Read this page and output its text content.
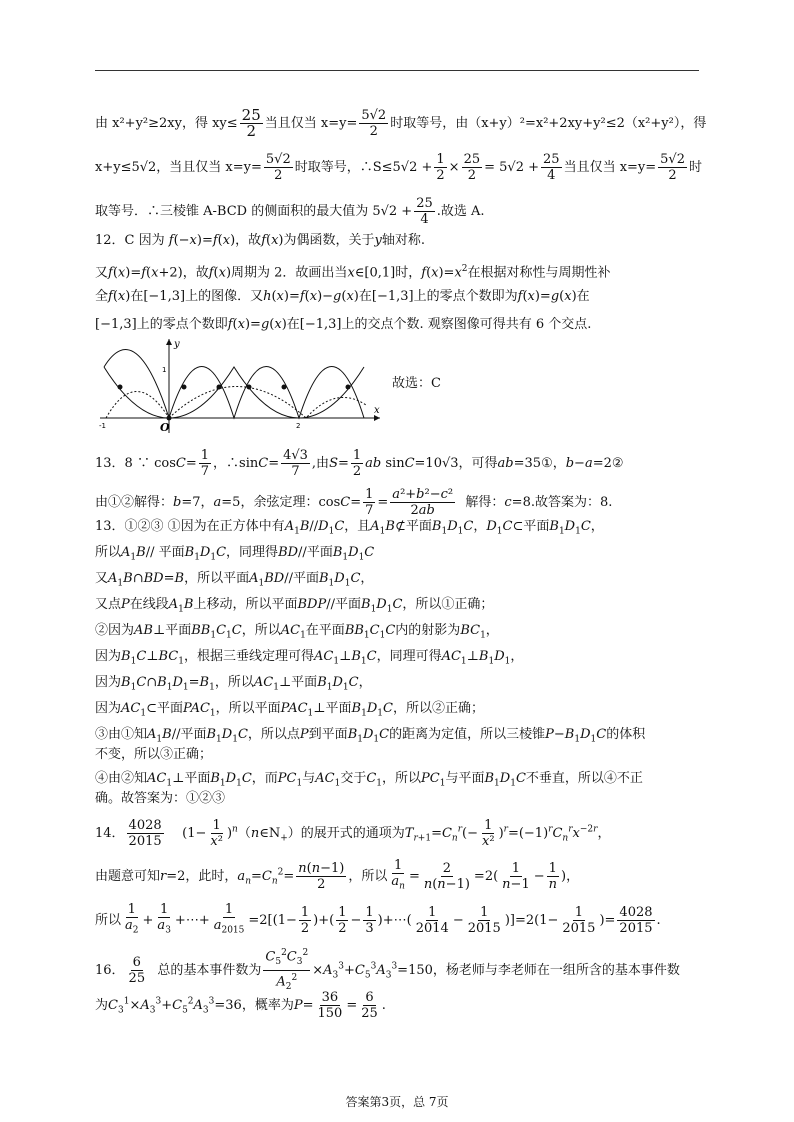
由 x²+y²≥2xy，得 $xy\le \frac{25}{2}$ 当且仅当 $x=y= \frac{5√2}{2}$ 时取等号，由（x+y）²=x²+2xy+y²≤2（x²+y²），得
x+y≤5√2，当且仅当 $x=y= \frac{5√2}{2}$ 时取等号，∴S≤5√2 + $\frac{1}{2} \times \frac{25}{2} = 5√2 + \frac{25}{4}$ 当且仅当 $x=y= \frac{5√2}{2}$ 时
取等号．∴三棱锥 A-BCD 的侧面积的最大值为 $5√2 + \frac{25}{4}$ .故选 A.
12．C 因为 f(−x)=f(x)，故f(x)为偶函数，关于y轴对称.
又f(x)=f(x+2)，故f(x)周期为 2．故画出当x∈[0,1]时，$f(x)=x^2$在根据对称性与周期性补
全f(x)在[−1,3]上的图像．又h(x)=f(x)−g(x)在[−1,3]上的零点个数即为f(x)=g(x)在
[−1,3]上的零点个数即f(x)=g(x)在[−1,3]上的交点个数. 观察图像可得共有 6 个交点.
y
x
O
1
-1	2
故选：C
13．8 ∵ $\cos C= \frac{1}{7}$ ，∴sinC= $\frac{4√3}{7}$ ,由$S= \frac{1}{2}$ ab sinC=10√3，可得ab=35①，b−a=2②
由①②解得：b=7，a=5，余弦定理：$\cos C= \frac{1}{7} = \frac{\text{a²+b²−c²}}{2ab}$ 解得：c=8.故答案为：8.
13．①②③ ①因为在正方体中有$A_1B//D_1C$，且$A_1B⊄$平面$B_1D_1C$，$D_1C\subset$平面$B_1D_1C$，
所以$A_1B//$ 平面$B_1D_1C$，同理得BD//平面$B_1D_1C$
又$A_1B\cap BD=B$，所以平面$A_1BD//$平面$B_1D_1C$，
又点P在线段$A_1B$上移动，所以平面BDP//平面$B_1D_1C$，所以①正确；
②因为AB⊥平面$BB_1C_1C$，所以$AC_1$在平面$BB_1C_1C$内的射影为$BC_1$，
因为$B_1C\perp BC_1$，根据三垂线定理可得$AC_1\perp B_1C$，同理可得$AC_1\perp B_1D_1$，
因为$B_1C\cap B_1D_1=B_1$，所以$AC_1\perp$平面$B_1D_1C$，
因为$AC_1\subset$平面$PAC_1$，所以平面$PAC_1\perp$平面$B_1D_1C$，所以②正确；
③由①知$A_1B//$平面$B_1D_1C$，所以点P到平面$B_1D_1C$的距离为定值，所以三棱锥$P-B_1D_1C$的体积
不变，所以③正确；
④由②知$AC_1\perp$平面$B_1D_1C$，而$PC_1$与$AC_1$交于$C_1$，所以$PC_1$与平面$B_1D_1C$不垂直，所以④不正
确。故答案为：①②③
14． $\frac{4028}{2015} (1- \frac{1}{\text{x²}}$ )$^n(n\in N_+)$的展开式的通项为$T_{r+1}=C_n^r(- \frac{1}{\text{x²}} )^r=(-1)^rC_n^rx^{-2r}$，
由题意可知r=2，此时，$a_n=C_n^2= \frac{n(n-1)}{2}$ ，所以 $\frac{1}{a_n} = \frac{2}{n(n-1)} =2( \frac{1}{n-1} - \frac{1}{n}$ )，
所以 $\frac{1}{a_2} + \frac{1}{a_3}$ +⋯+ $\frac{1}{a_{2015}} =2[(1- \frac{1}{2}$ )+( $\frac{1}{2} - \frac{1}{3}$ )+⋯( $\frac{1}{2014} - \frac{1}{2015} )]=2(1- \frac{1}{2015}$ )= $\frac{4028}{2015}$ .
16． $\frac{6}{25}$ 总的基本事件数为 $\frac{C_5^2C_3^2}{A_2^2} \times A_3^3+C_5^3A_3^3=150$，杨老师与李老师在一组所含的基本事件数
为$C_3^1\times A_3^3+C_5^2A_3^3=36$，概率为$P= \frac{36}{150} = \frac{6}{25}$ .
答案第3页，总 7页
